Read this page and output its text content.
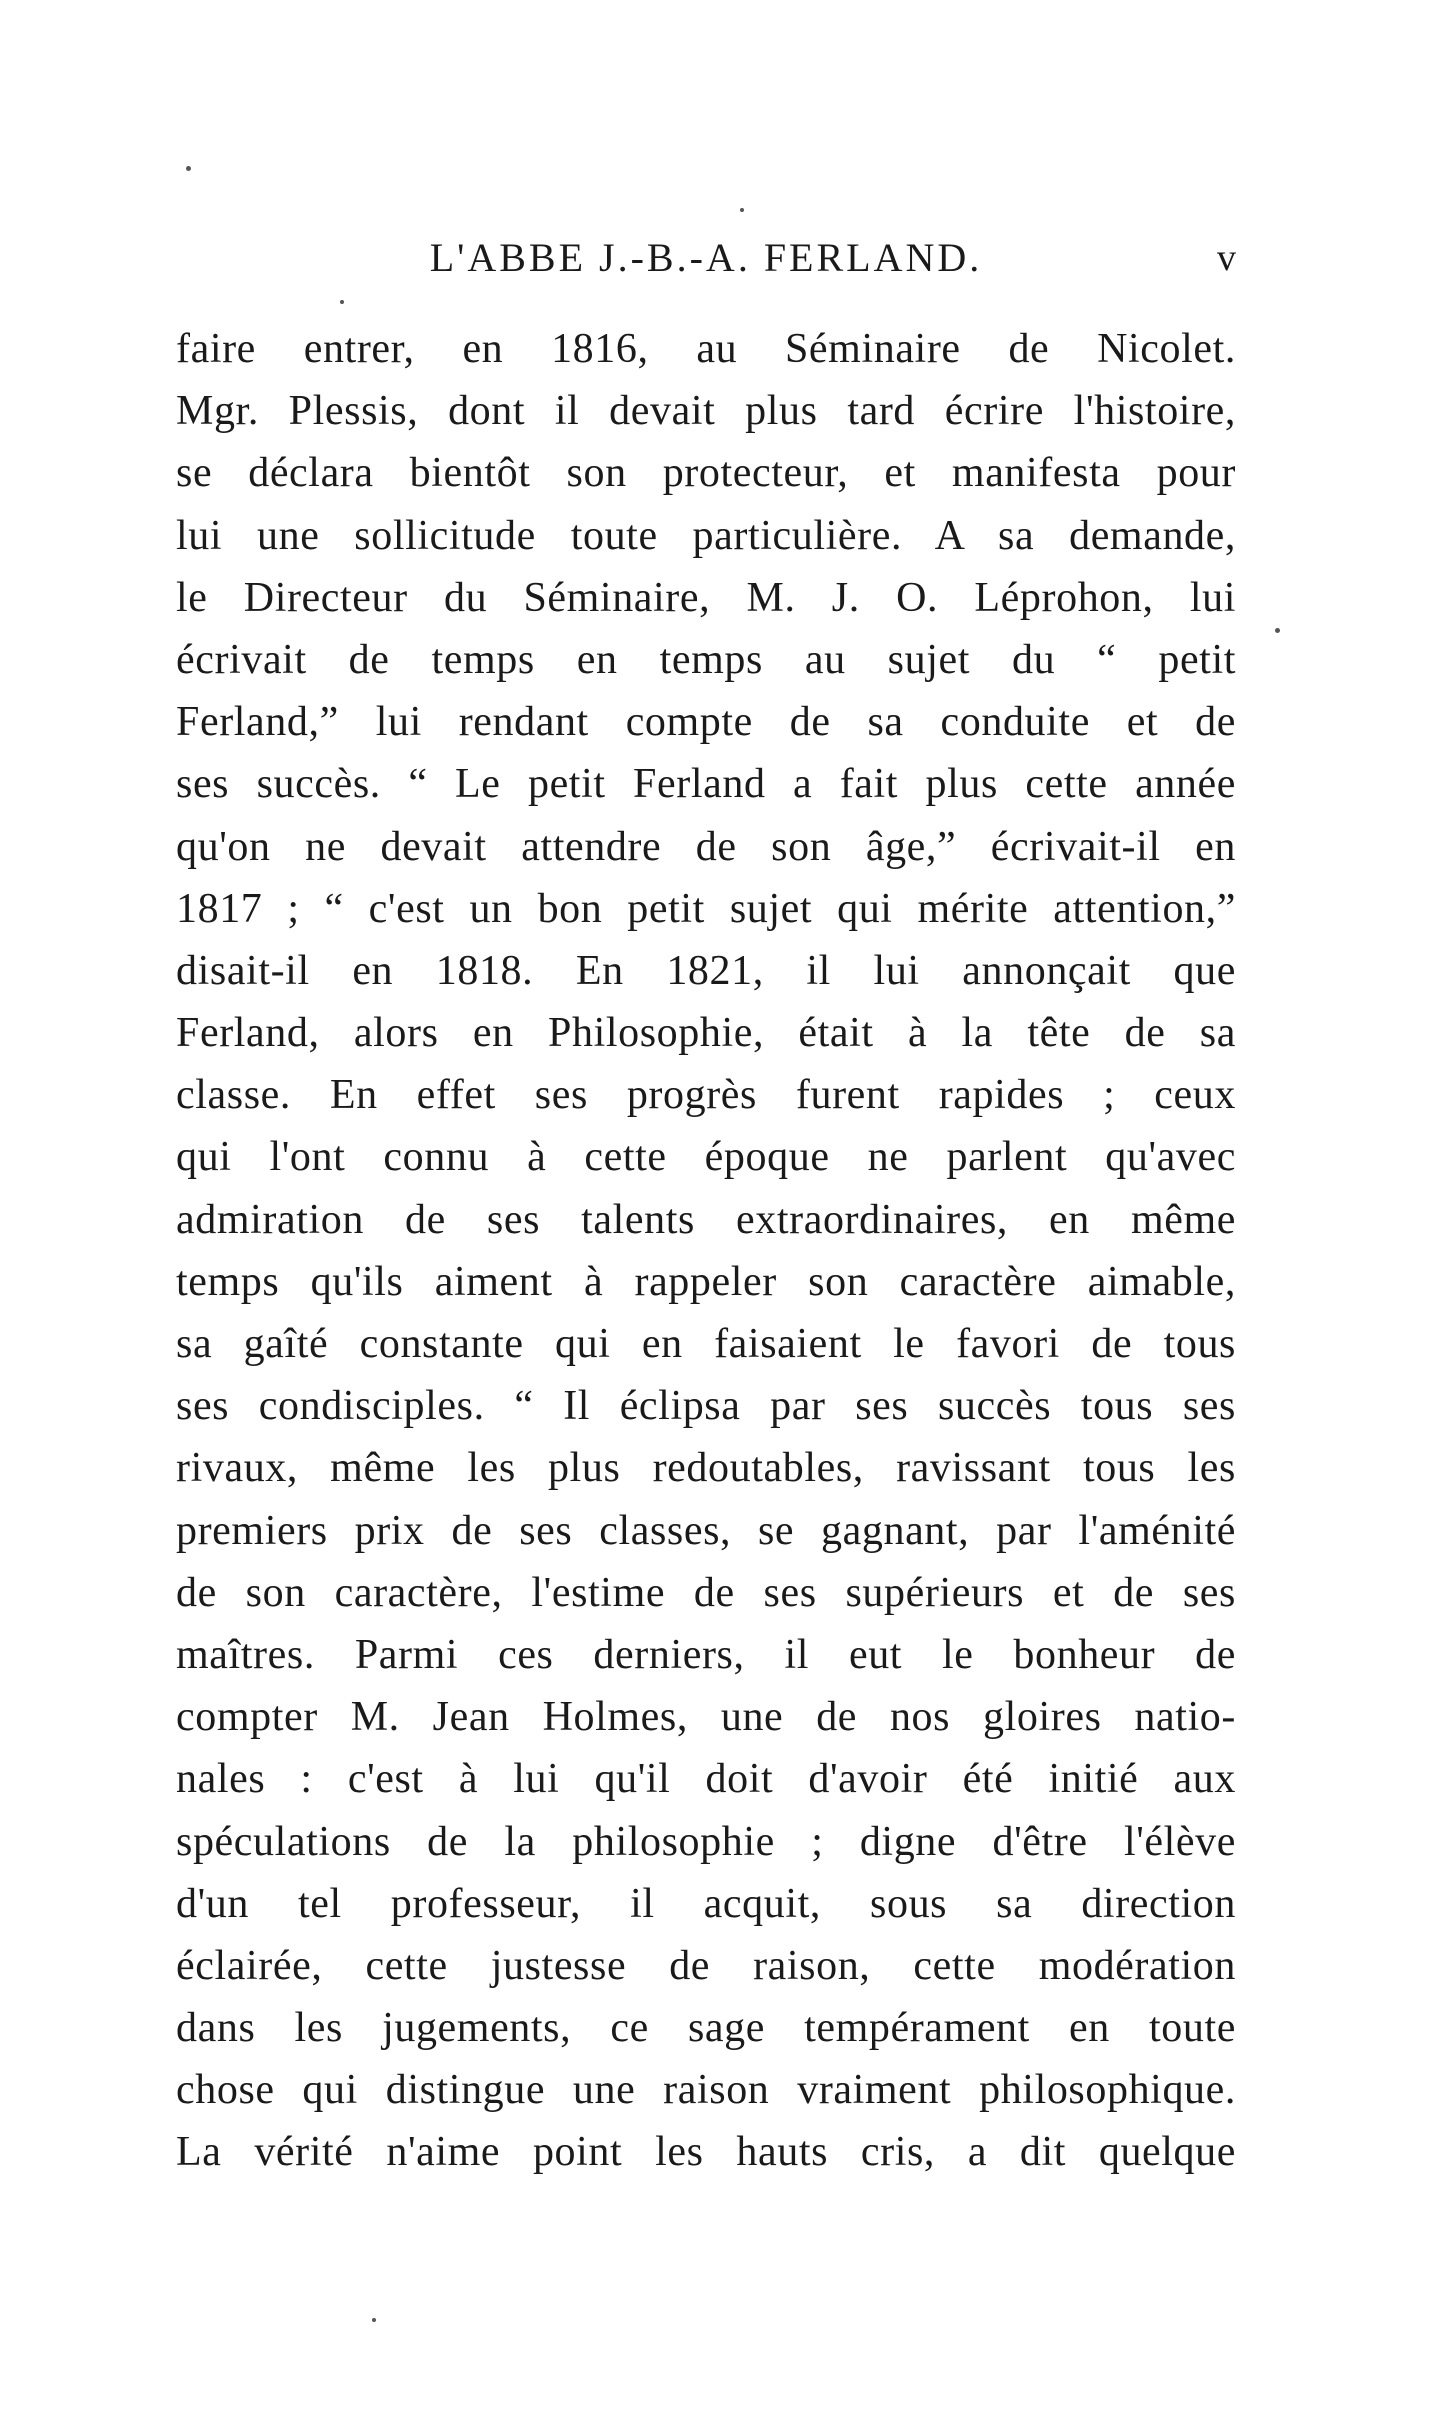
L'ABBE J.-B.-A. FERLAND.	v
faire entrer, en 1816, au Séminaire de Nicolet.
Mgr. Plessis, dont il devait plus tard écrire l'histoire,
se déclara bientôt son protecteur, et manifesta pour
lui une sollicitude toute particulière. A sa demande,
le Directeur du Séminaire, M. J. O. Léprohon, lui
écrivait de temps en temps au sujet du “ petit
Ferland,” lui rendant compte de sa conduite et de
ses succès. “ Le petit Ferland a fait plus cette année
qu'on ne devait attendre de son âge,” écrivait-il en
1817 ; “ c'est un bon petit sujet qui mérite attention,”
disait-il en 1818. En 1821, il lui annonçait que
Ferland, alors en Philosophie, était à la tête de sa
classe. En effet ses progrès furent rapides ; ceux
qui l'ont connu à cette époque ne parlent qu'avec
admiration de ses talents extraordinaires, en même
temps qu'ils aiment à rappeler son caractère aimable,
sa gaîté constante qui en faisaient le favori de tous
ses condisciples. “ Il éclipsa par ses succès tous ses
rivaux, même les plus redoutables, ravissant tous les
premiers prix de ses classes, se gagnant, par l'aménité
de son caractère, l'estime de ses supérieurs et de ses
maîtres. Parmi ces derniers, il eut le bonheur de
compter M. Jean Holmes, une de nos gloires natio-
nales : c'est à lui qu'il doit d'avoir été initié aux
spéculations de la philosophie ; digne d'être l'élève
d'un tel professeur, il acquit, sous sa direction
éclairée, cette justesse de raison, cette modération
dans les jugements, ce sage tempérament en toute
chose qui distingue une raison vraiment philosophique.
La vérité n'aime point les hauts cris, a dit quelque
